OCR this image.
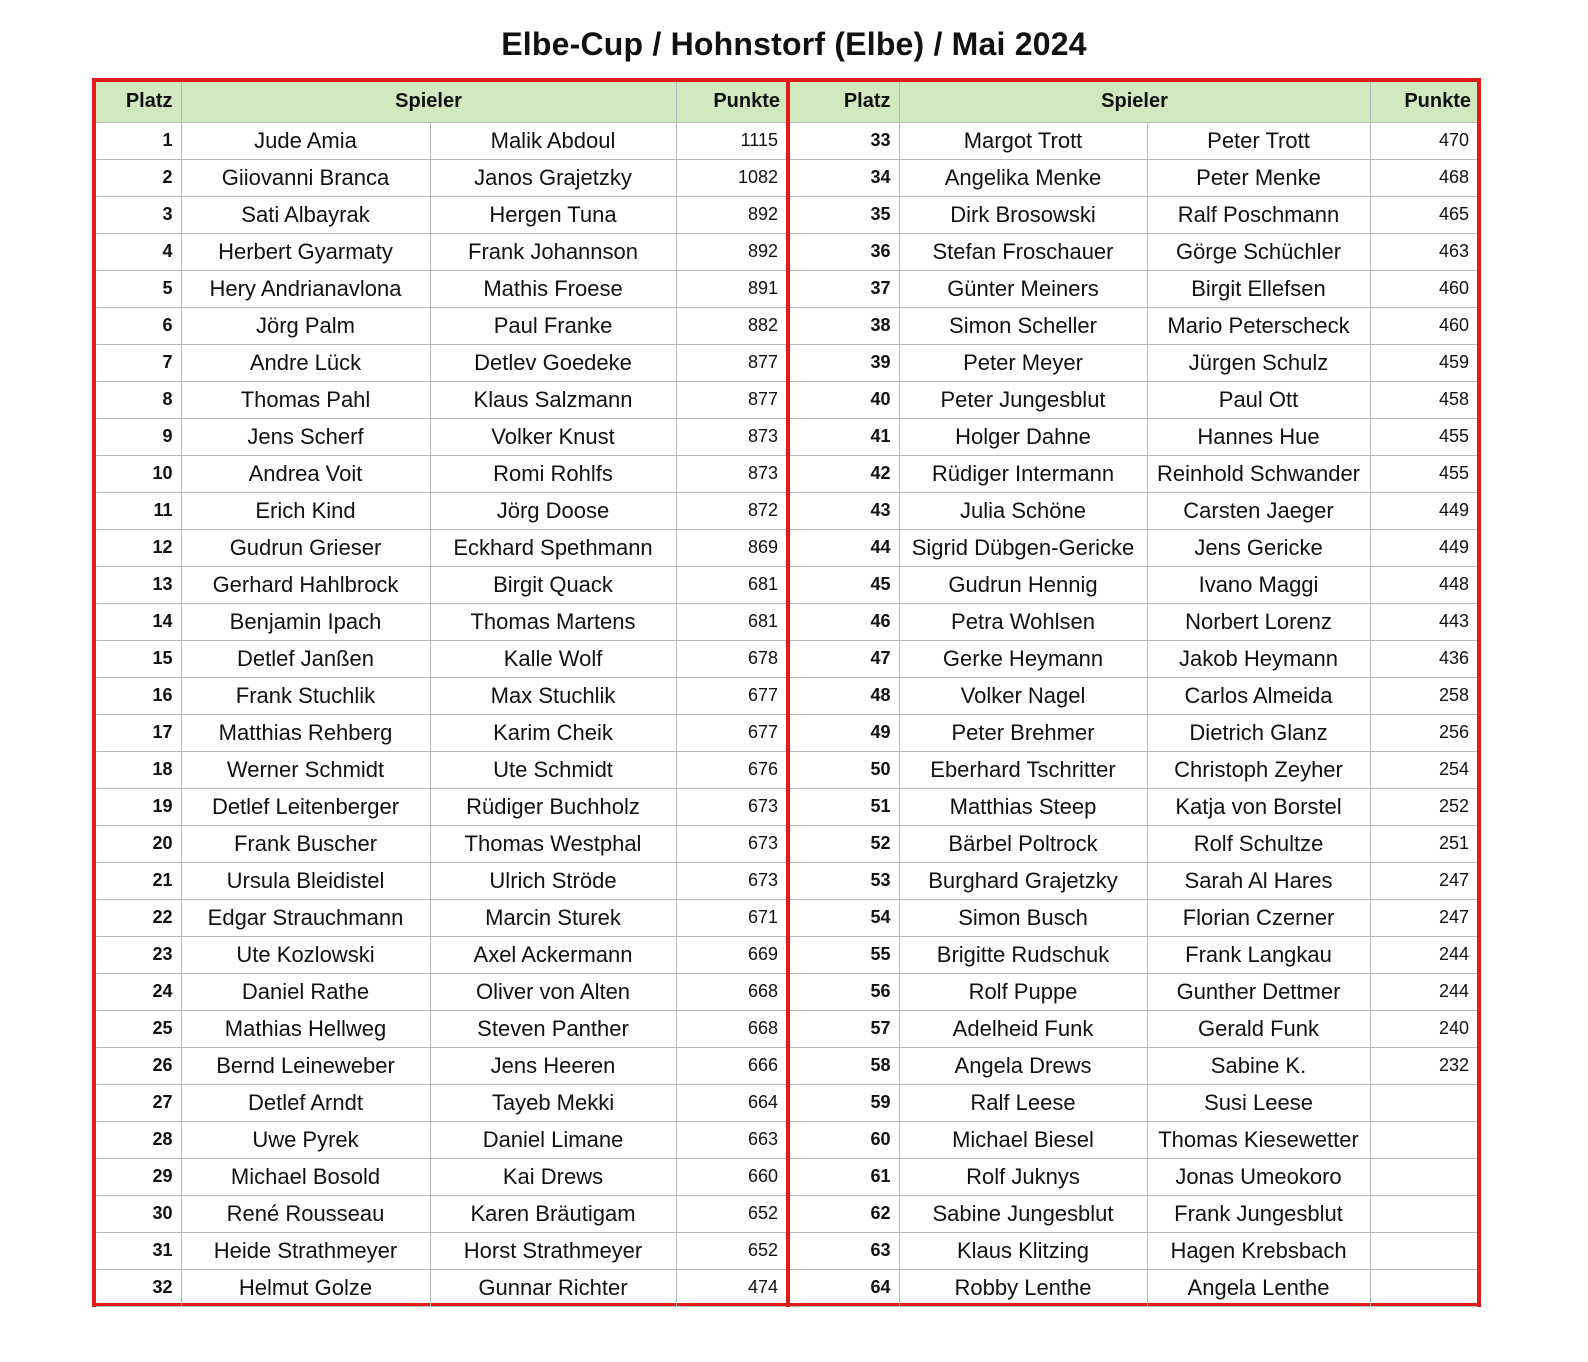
Elbe-Cup / Hohnstorf (Elbe) / Mai 2024
Platz	Spieler		Punkte
1	Jude Amia	Malik Abdoul	1115
2	Giiovanni Branca	Janos Grajetzky	1082
3	Sati Albayrak	Hergen Tuna	892
4	Herbert Gyarmaty	Frank Johannson	892
5	Hery Andrianavlona	Mathis Froese	891
6	Jörg Palm	Paul Franke	882
7	Andre Lück	Detlev Goedeke	877
8	Thomas Pahl	Klaus Salzmann	877
9	Jens Scherf	Volker Knust	873
10	Andrea Voit	Romi Rohlfs	873
11	Erich Kind	Jörg Doose	872
12	Gudrun Grieser	Eckhard Spethmann	869
13	Gerhard Hahlbrock	Birgit Quack	681
14	Benjamin Ipach	Thomas Martens	681
15	Detlef Janßen	Kalle Wolf	678
16	Frank Stuchlik	Max Stuchlik	677
17	Matthias Rehberg	Karim Cheik	677
18	Werner Schmidt	Ute Schmidt	676
19	Detlef Leitenberger	Rüdiger Buchholz	673
20	Frank Buscher	Thomas Westphal	673
21	Ursula Bleidistel	Ulrich Ströde	673
22	Edgar Strauchmann	Marcin Sturek	671
23	Ute Kozlowski	Axel Ackermann	669
24	Daniel Rathe	Oliver von Alten	668
25	Mathias Hellweg	Steven Panther	668
26	Bernd Leineweber	Jens Heeren	666
27	Detlef Arndt	Tayeb Mekki	664
28	Uwe Pyrek	Daniel Limane	663
29	Michael Bosold	Kai Drews	660
30	René Rousseau	Karen Bräutigam	652
31	Heide Strathmeyer	Horst Strathmeyer	652
32	Helmut Golze	Gunnar Richter	474
Platz	Spieler		Punkte
33	Margot Trott	Peter Trott	470
34	Angelika Menke	Peter Menke	468
35	Dirk Brosowski	Ralf Poschmann	465
36	Stefan Froschauer	Görge Schüchler	463
37	Günter Meiners	Birgit Ellefsen	460
38	Simon Scheller	Mario Peterscheck	460
39	Peter Meyer	Jürgen Schulz	459
40	Peter Jungesblut	Paul Ott	458
41	Holger Dahne	Hannes Hue	455
42	Rüdiger Intermann	Reinhold Schwander	455
43	Julia Schöne	Carsten Jaeger	449
44	Sigrid Dübgen-Gericke	Jens Gericke	449
45	Gudrun Hennig	Ivano Maggi	448
46	Petra Wohlsen	Norbert Lorenz	443
47	Gerke Heymann	Jakob Heymann	436
48	Volker Nagel	Carlos Almeida	258
49	Peter Brehmer	Dietrich Glanz	256
50	Eberhard Tschritter	Christoph Zeyher	254
51	Matthias Steep	Katja von Borstel	252
52	Bärbel Poltrock	Rolf Schultze	251
53	Burghard Grajetzky	Sarah Al Hares	247
54	Simon Busch	Florian Czerner	247
55	Brigitte Rudschuk	Frank Langkau	244
56	Rolf Puppe	Gunther Dettmer	244
57	Adelheid Funk	Gerald Funk	240
58	Angela Drews	Sabine K.	232
59	Ralf Leese	Susi Leese	
60	Michael Biesel	Thomas Kiesewetter	
61	Rolf Juknys	Jonas Umeokoro	
62	Sabine Jungesblut	Frank Jungesblut	
63	Klaus Klitzing	Hagen Krebsbach	
64	Robby Lenthe	Angela Lenthe	
